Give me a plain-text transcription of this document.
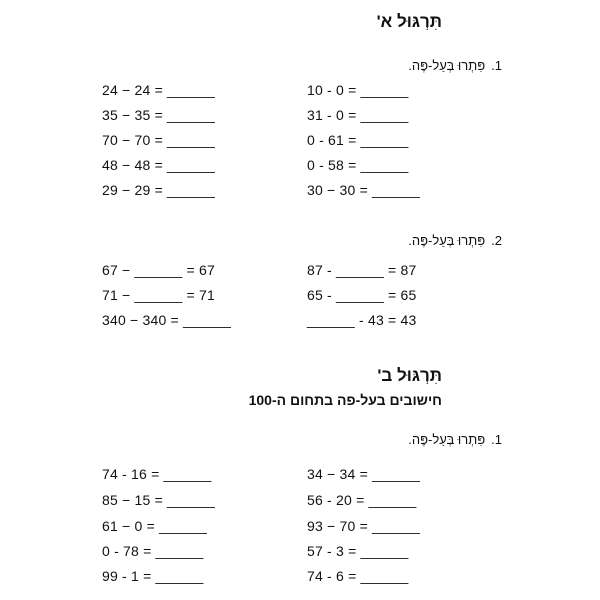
תִּרְגּוּל א'
1.פִּתְרוּ בְּעַל-פֶּה.
10 - 0 = ______
31 - 0 = ______
0 - 61 = ______
0 - 58 = ______
30 − 30 = ______
24 − 24 = ______
35 − 35 = ______
70 − 70 = ______
48 − 48 = ______
29 − 29 = ______
2.פִּתְרוּ בְּעַל-פֶּה.
87 - ______ = 87
65 - ______ = 65
______ - 43 = 43
67 − ______ = 67
71 − ______ = 71
340 − 340 = ______
תִּרְגּוּל ב'
חישובים בעל-פה בתחום ה-100
1.פִּתְרוּ בְּעַל-פֶּה.
34 − 34 = ______
56 - 20 = ______
93 − 70 = ______
57 - 3 = ______
74 - 6 = ______
74 - 16 = ______
85 − 15 = ______
61 − 0 = ______
0 - 78 = ______
99 - 1 = ______
